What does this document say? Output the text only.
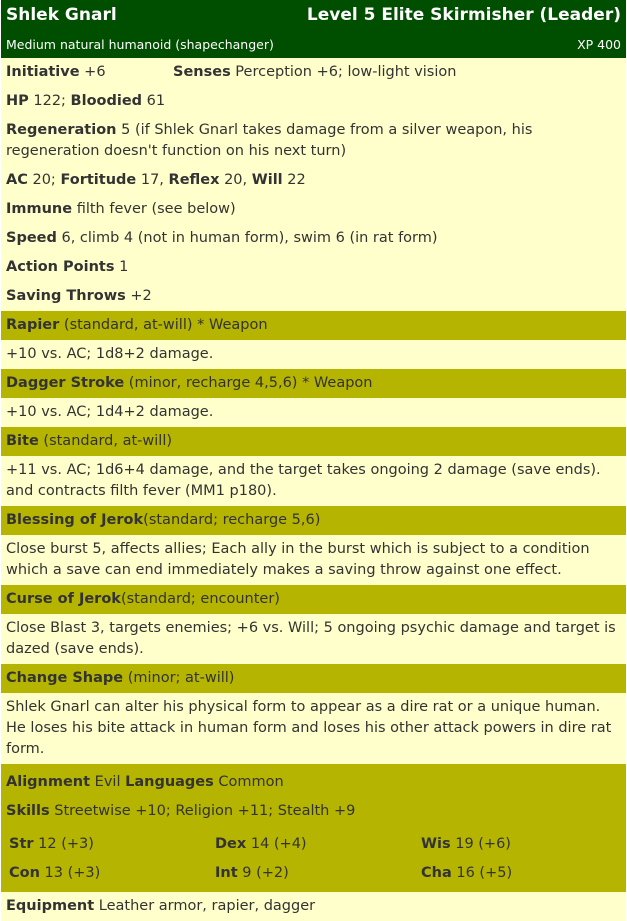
Shlek Gnarl	Level 5 Elite Skirmisher (Leader)
Medium natural humanoid (shapechanger)	XP 400
Initiative +6	Senses Perception +6; low-light vision
HP 122; Bloodied 61
Regeneration 5 (if Shlek Gnarl takes damage from a silver weapon, his regeneration doesn't function on his next turn)
AC 20; Fortitude 17, Reflex 20, Will 22
Immune filth fever (see below)
Speed 6, climb 4 (not in human form), swim 6 (in rat form)
Action Points 1
Saving Throws +2
Rapier (standard, at-will) * Weapon
+10 vs. AC; 1d8+2 damage.
Dagger Stroke (minor, recharge 4,5,6) * Weapon
+10 vs. AC; 1d4+2 damage.
Bite (standard, at-will)
+11 vs. AC; 1d6+4 damage, and the target takes ongoing 2 damage (save ends). and contracts filth fever (MM1 p180).
Blessing of Jerok(standard; recharge 5,6)
Close burst 5, affects allies; Each ally in the burst which is subject to a condition which a save can end immediately makes a saving throw against one effect.
Curse of Jerok(standard; encounter)
Close Blast 3, targets enemies; +6 vs. Will; 5 ongoing psychic damage and target is dazed (save ends).
Change Shape (minor; at-will)
Shlek Gnarl can alter his physical form to appear as a dire rat or a unique human. He loses his bite attack in human form and loses his other attack powers in dire rat form.
Alignment Evil Languages Common
Skills Streetwise +10; Religion +11; Stealth +9
Str 12 (+3)	Dex 14 (+4)	Wis 19 (+6)
Con 13 (+3)	Int 9 (+2)	Cha 16 (+5)
Equipment Leather armor, rapier, dagger
